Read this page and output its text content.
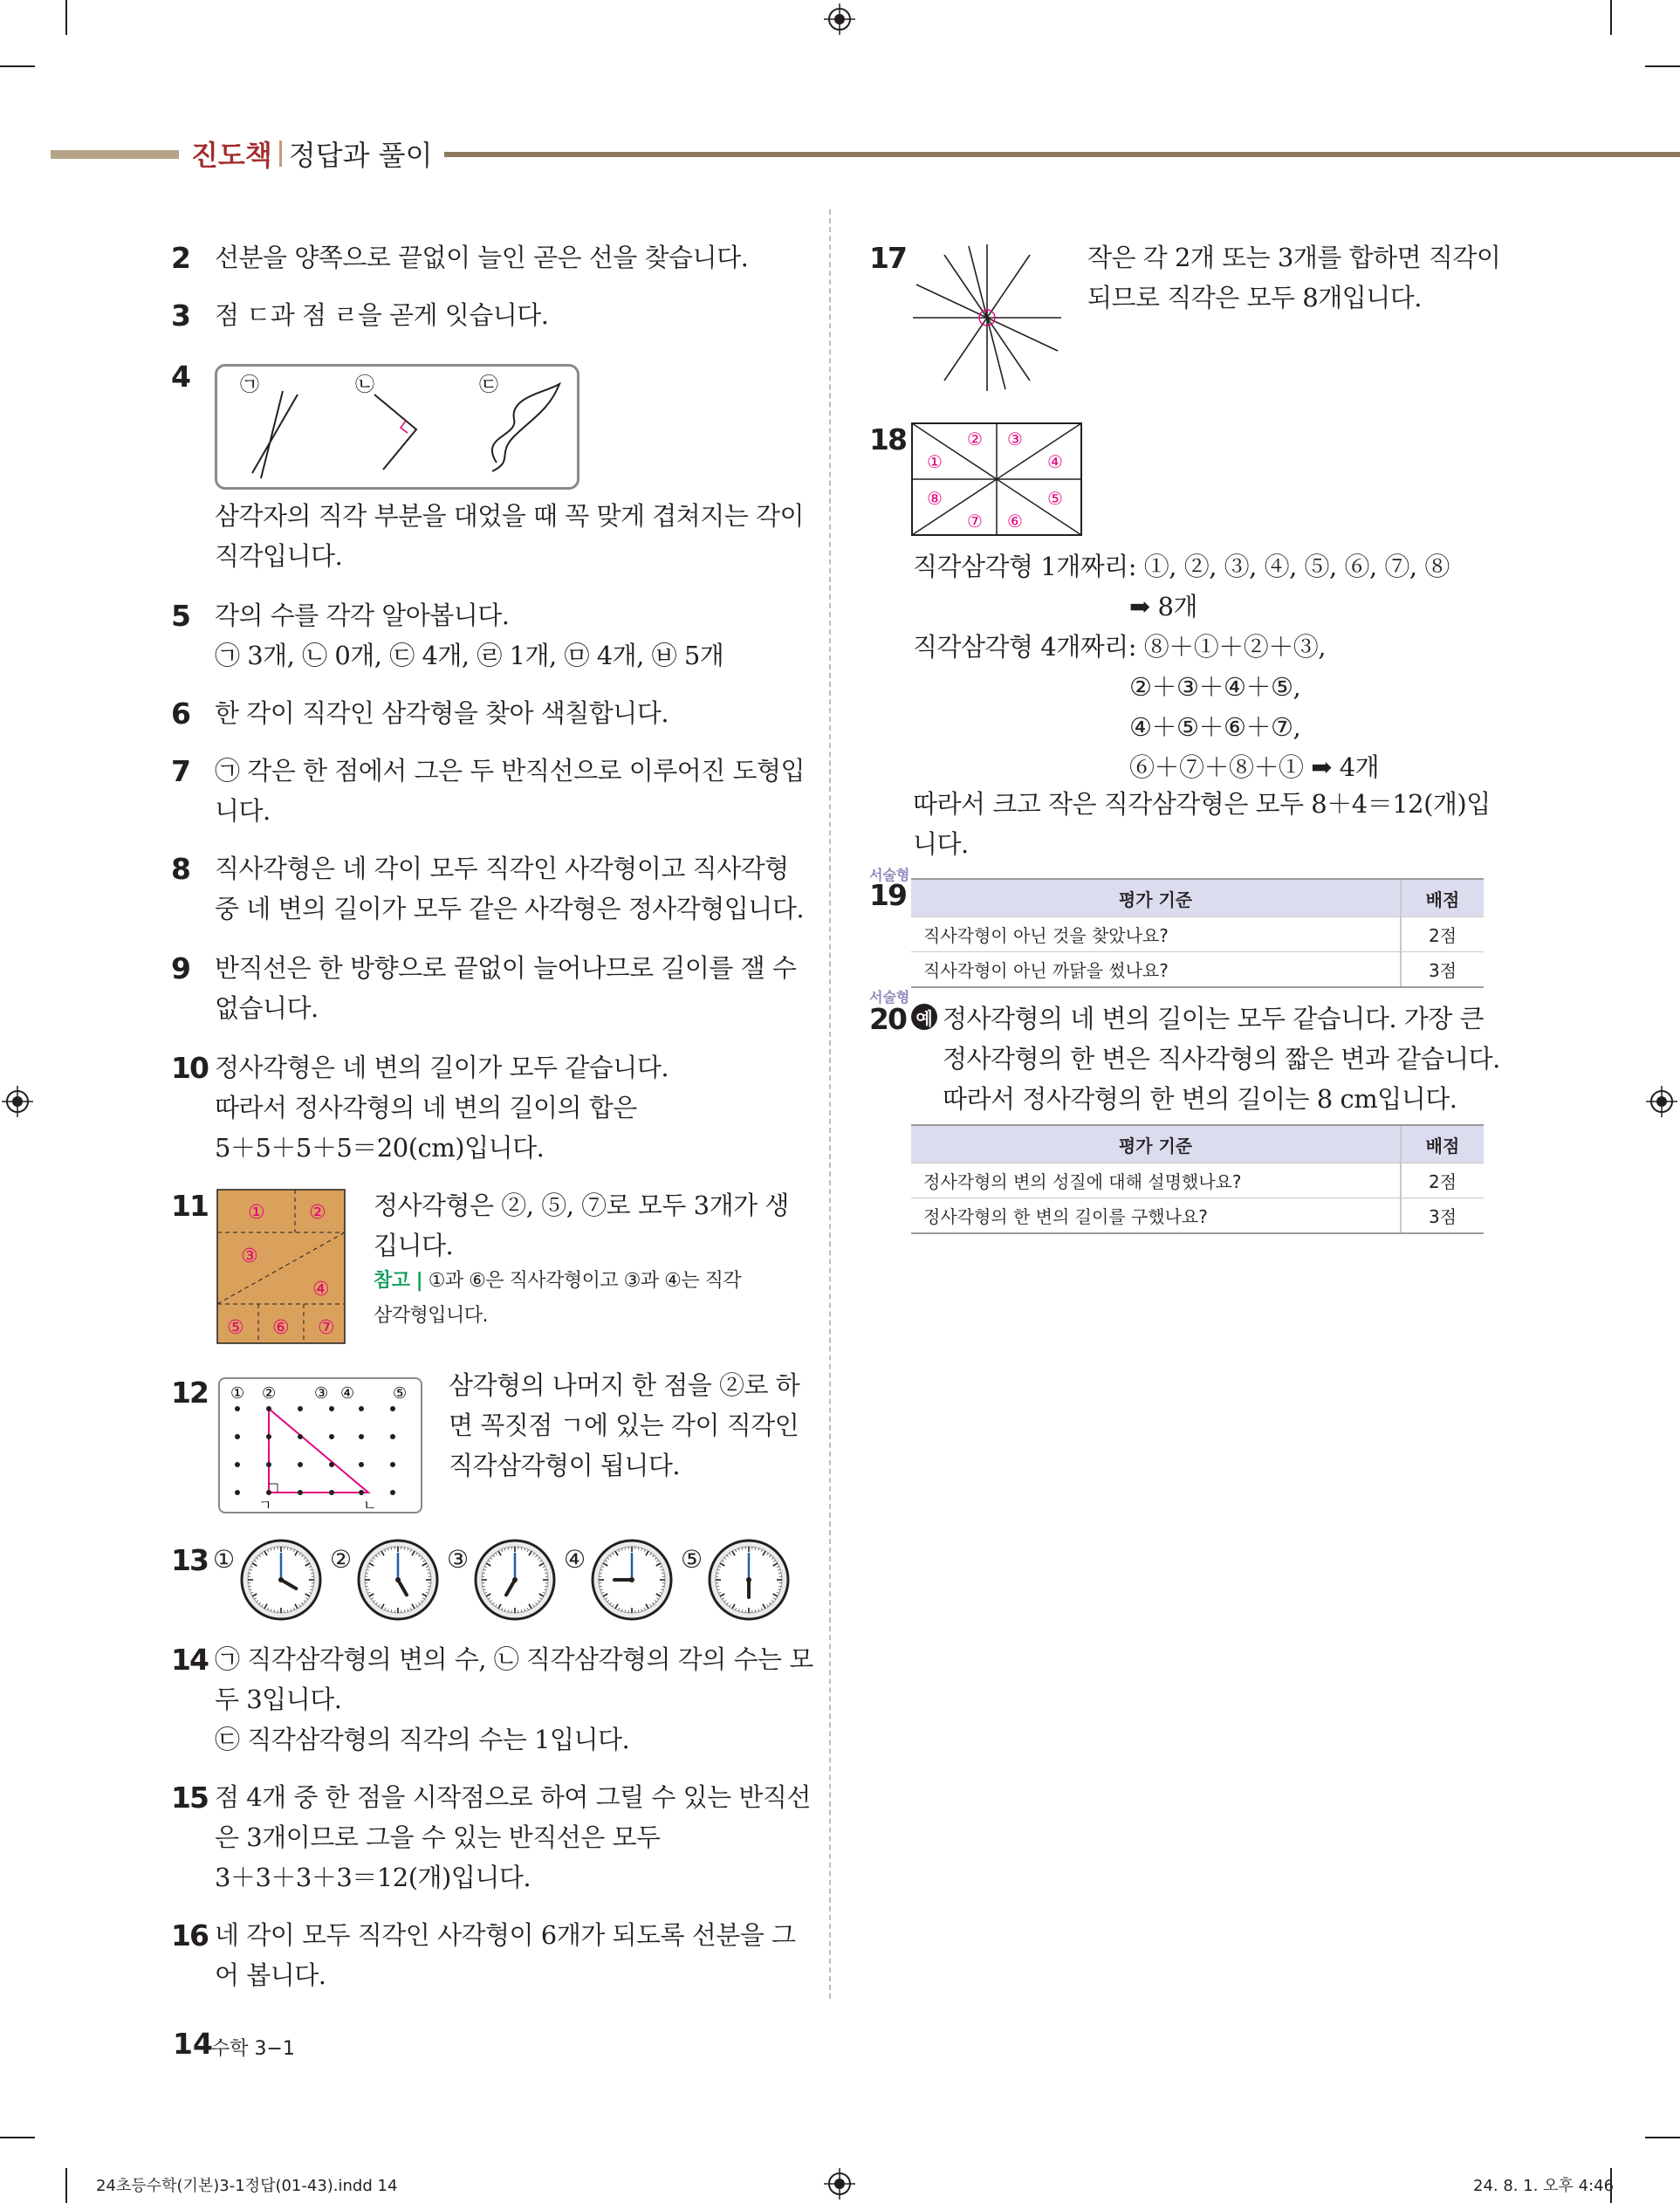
진도책 정답과 풀이
2 선분을 양쪽으로 끝없이 늘인 곧은 선을 찾습니다.

3 점 ㄷ과 점 ㄹ을 곧게 잇습니다.

4	㉠	㉡	㉢

삼각자의 직각 부분을 대었을 때 꼭 맞게 겹쳐지는 각이

직각입니다.

5 각의 수를 각각 알아봅니다.

㉠ 3개, ㉡ 0개, ㉢ 4개, ㉣ 1개, ㉤ 4개, ㉥ 5개

6 한 각이 직각인 삼각형을 찾아 색칠합니다.

7 ㉠ 각은 한 점에서 그은 두 반직선으로 이루어진 도형입

니다.

8 직사각형은 네 각이 모두 직각인 사각형이고 직사각형

중 네 변의 길이가 모두 같은 사각형은 정사각형입니다.

9 반직선은 한 방향으로 끝없이 늘어나므로 길이를 잴 수

없습니다.

10 정사각형은 네 변의 길이가 모두 같습니다.

따라서 정사각형의 네 변의 길이의 합은

5＋5＋5＋5＝20(cm)입니다.

11 ① ②
③
④
⑤ ⑥ ⑦

정사각형은 ②, ⑤, ⑦로 모두 3개가 생

깁니다.

참고 | ①과 ⑥은 직사각형이고 ③과 ④는 직각

삼각형입니다.

12 ① ② ③ ④ ⑤
ㄱ	ㄴ

삼각형의 나머지 한 점을 ②로 하

면 꼭짓점 ㄱ에 있는 각이 직각인

직각삼각형이 됩니다.

13 ①	②	③	④	⑤
14 ㉠ 직각삼각형의 변의 수, ㉡ 직각삼각형의 각의 수는 모

두 3입니다.

㉢ 직각삼각형의 직각의 수는 1입니다.

15 점 4개 중 한 점을 시작점으로 하여 그릴 수 있는 반직선

은 3개이므로 그을 수 있는 반직선은 모두

3＋3＋3＋3＝12(개)입니다.

16 네 각이 모두 직각인 사각형이 6개가 되도록 선분을 그

어 봅니다.

17	작은 각 2개 또는 3개를 합하면 직각이

되므로 직각은 모두 8개입니다.

18
①
② ③
④
⑤
⑥
⑦
⑧

직각삼각형 1개짜리: ①, ②, ③, ④, ⑤, ⑥, ⑦, ⑧

➡ 8개

직각삼각형 4개짜리: ⑧＋①＋②＋③,

②＋③＋④＋⑤,

④＋⑤＋⑥＋⑦,

⑥＋⑦＋⑧＋① ➡ 4개

따라서 크고 작은 직각삼각형은 모두 8＋4＝12(개)입

니다.

서술형
19	평가 기준	배점
직사각형이 아닌 것을 찾았나요?	2점
직사각형이 아닌 까닭을 썼나요?	3점
서술형
20 예 정사각형의 네 변의 길이는 모두 같습니다. 가장 큰

정사각형의 한 변은 직사각형의 짧은 변과 같습니다.

따라서 정사각형의 한 변의 길이는 8 cm입니다.

평가 기준	배점
정사각형의 변의 성질에 대해 설명했나요?	2점
정사각형의 한 변의 길이를 구했나요?	3점
14
수학 3−1
24초등수학(기본)3-1정답(01-43).indd 14	24. 8. 1. 오후 4:46
